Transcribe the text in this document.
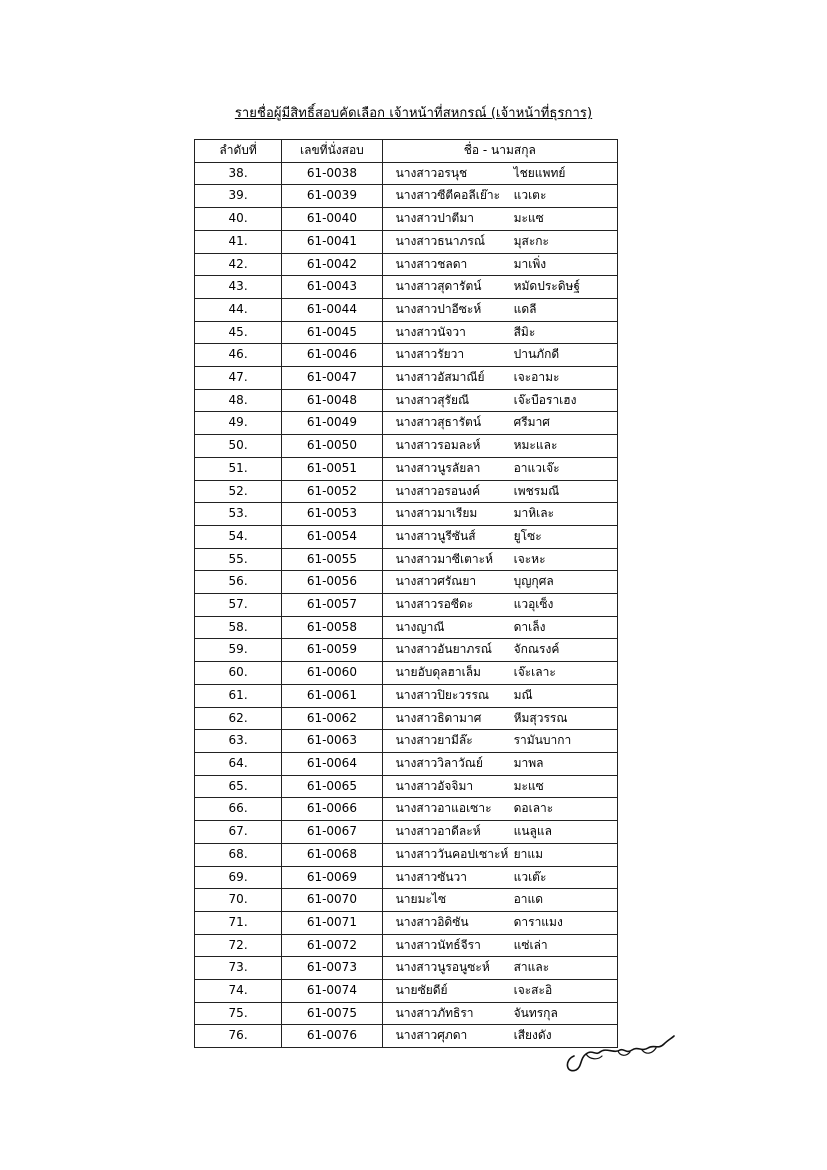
รายชื่อผู้มีสิทธิ์สอบคัดเลือก เจ้าหน้าที่สหกรณ์ (เจ้าหน้าที่ธุรการ)
ลำดับที่	เลขที่นั่งสอบ	ชื่อ - นามสกุล
38.	61-0038	นางสาวอรนุช ไชยแพทย์
39.	61-0039	นางสาวซีตีคอลีเย๊าะ แวเตะ
40.	61-0040	นางสาวปาตีมา มะแซ
41.	61-0041	นางสาวธนาภรณ์ มุสะกะ
42.	61-0042	นางสาวชลดา มาเพิ่ง
43.	61-0043	นางสาวสุดารัตน์ หมัดประดิษฐ์
44.	61-0044	นางสาวปาอีซะห์ แดลี
45.	61-0045	นางสาวนัจวา สีมิะ
46.	61-0046	นางสาวรัยวา ปานภักดี
47.	61-0047	นางสาวอัสมาณีย์ เจะอามะ
48.	61-0048	นางสาวสุรัยณี เจ๊ะบือราเฮง
49.	61-0049	นางสาวสุธารัตน์ ศรีมาศ
50.	61-0050	นางสาวรอมละห์ หมะและ
51.	61-0051	นางสาวนูรลัยลา อาแวเจ๊ะ
52.	61-0052	นางสาวอรอนงค์ เพชรมณี
53.	61-0053	นางสาวมาเรียม มาหิเละ
54.	61-0054	นางสาวนูรีซันส์ ยูโซะ
55.	61-0055	นางสาวมาซีเตาะห์ เจะหะ
56.	61-0056	นางสาวศรัณยา บุญกุศล
57.	61-0057	นางสาวรอซีดะ แวอุเซ็ง
58.	61-0058	นางญาณี ดาเล็ง
59.	61-0059	นางสาวอันยาภรณ์ จักณรงค์
60.	61-0060	นายอับดุลฮาเล็ม เจ๊ะเลาะ
61.	61-0061	นางสาวปิยะวรรณ มณี
62.	61-0062	นางสาวธิดามาศ หีมสุวรรณ
63.	61-0063	นางสาวยามีล๊ะ รามันบากา
64.	61-0064	นางสาววิลาวัณย์ มาพล
65.	61-0065	นางสาวอัจจิมา มะแซ
66.	61-0066	นางสาวอาแอเซาะ ดอเลาะ
67.	61-0067	นางสาวอาดีละห์ แนลูแล
68.	61-0068	นางสาววันคอปเซาะห์ ยาแม
69.	61-0069	นางสาวซันวา แวเต๊ะ
70.	61-0070	นายมะไซ อาแด
71.	61-0071	นางสาวอิดิซัน ดาราแมง
72.	61-0072	นางสาวนัทธ์จีรา แซ่เล่า
73.	61-0073	นางสาวนูรอนูซะห์ สาและ
74.	61-0074	นายซัยดีย์ เจะสะอิ
75.	61-0075	นางสาวภัทธิรา จันทรกุล
76.	61-0076	นางสาวศุภดา เสียงดัง
